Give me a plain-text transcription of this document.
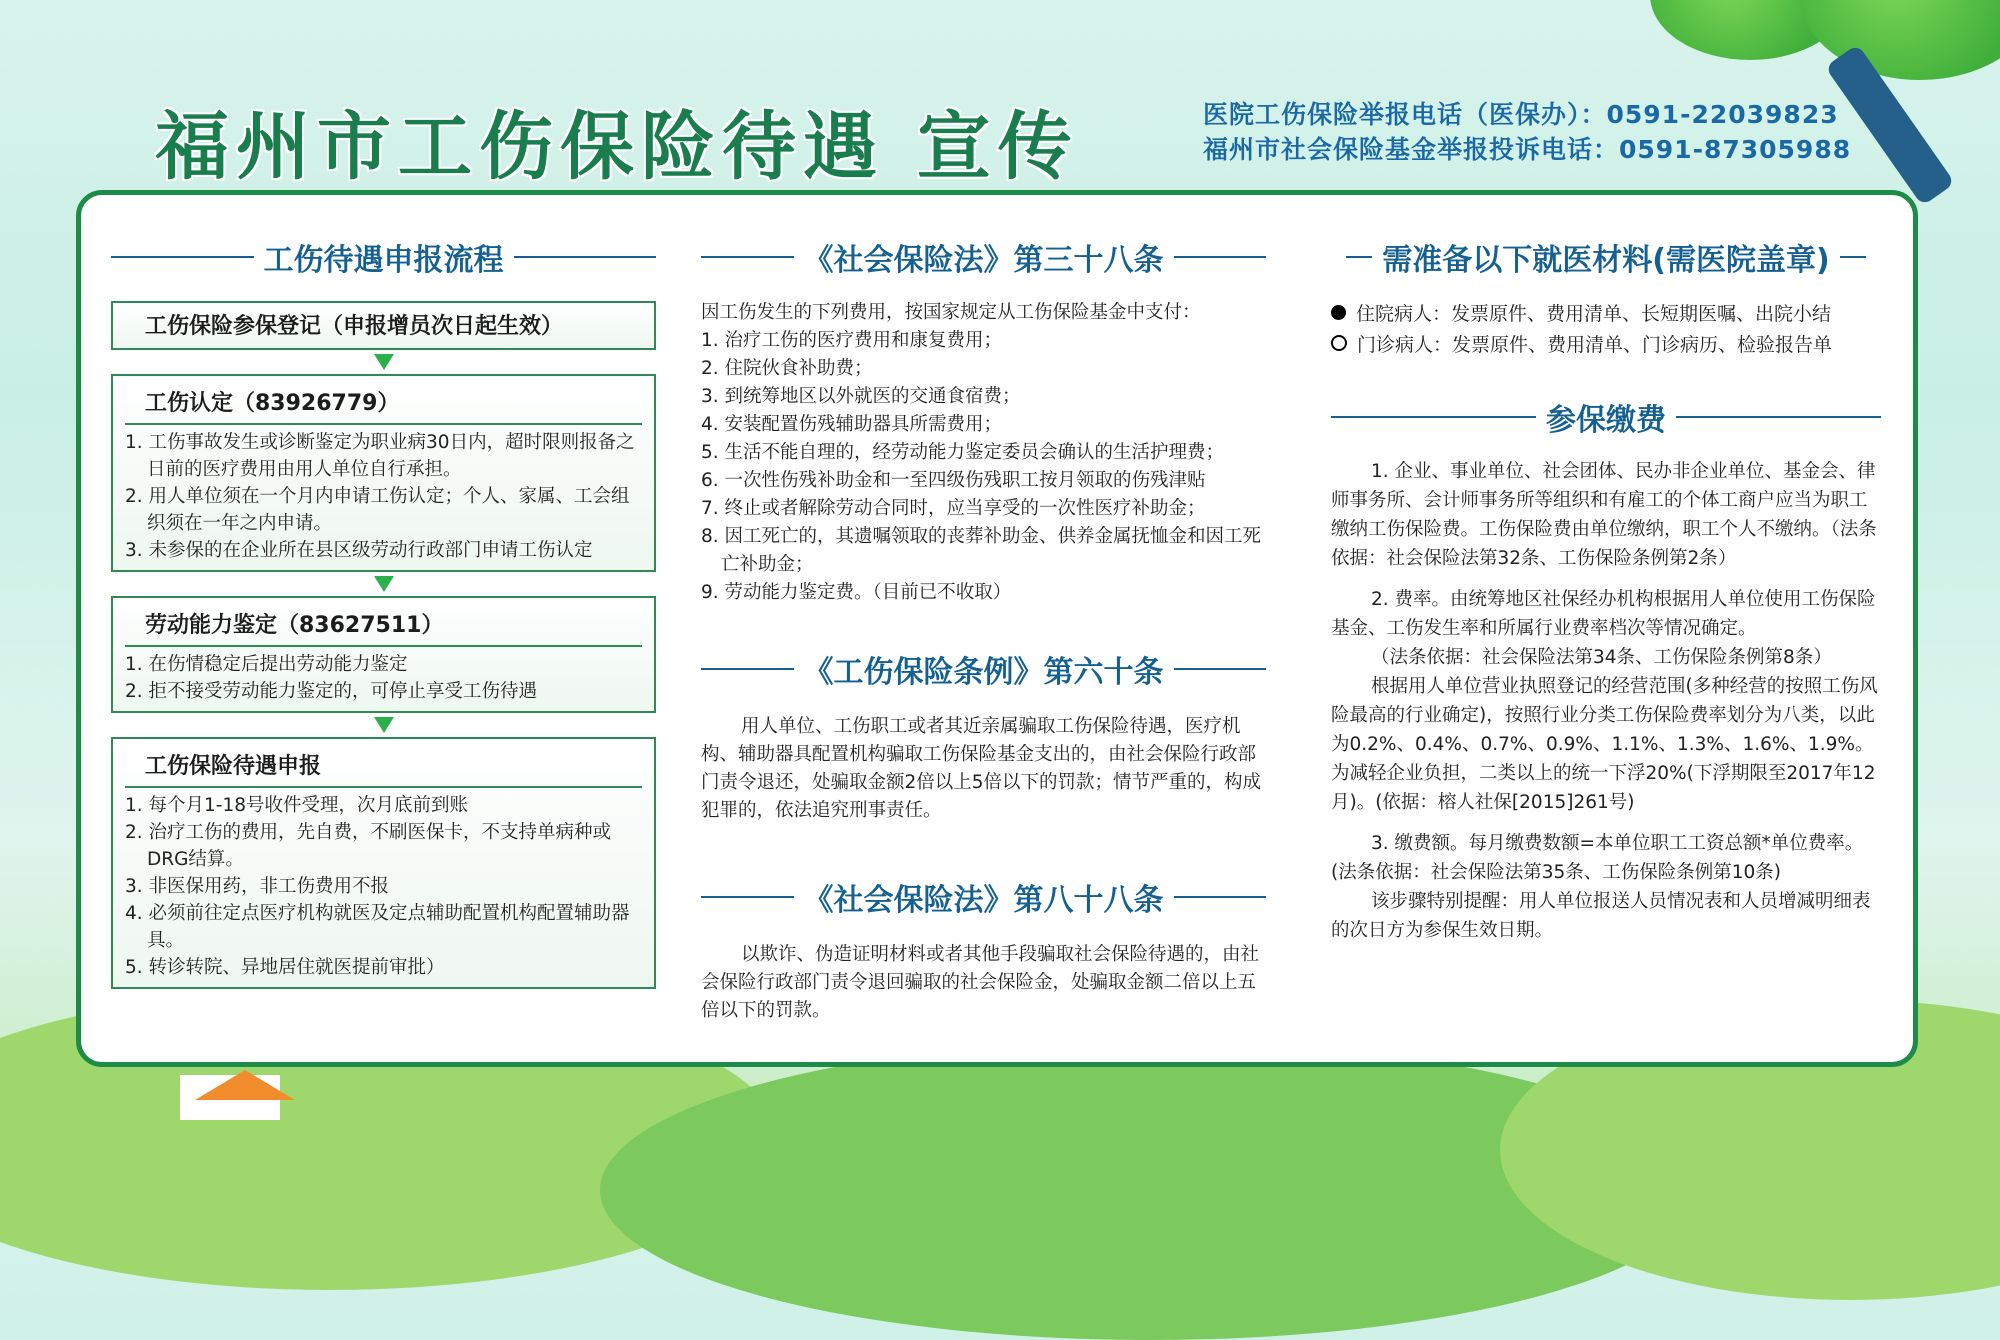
福州市工伤保险待遇 宣传	医院工伤保险举报电话（医保办）：0591-22039823
福州市社会保险基金举报投诉电话：0591-87305988
工伤待遇申报流程
工伤保险参保登记（申报增员次日起生效）
工伤认定（83926779）
1. 工伤事故发生或诊断鉴定为职业病30日内，超时限则报备之日前的医疗费用由用人单位自行承担。
2. 用人单位须在一个月内申请工伤认定；个人、家属、工会组织须在一年之内申请。
3. 未参保的在企业所在县区级劳动行政部门申请工伤认定
劳动能力鉴定（83627511）
1. 在伤情稳定后提出劳动能力鉴定
2. 拒不接受劳动能力鉴定的，可停止享受工伤待遇
工伤保险待遇申报
1. 每个月1-18号收件受理，次月底前到账
2. 治疗工伤的费用，先自费，不刷医保卡，不支持单病种或DRG结算。
3. 非医保用药，非工伤费用不报
4. 必须前往定点医疗机构就医及定点辅助配置机构配置辅助器具。
5. 转诊转院、异地居住就医提前审批）
《社会保险法》第三十八条
因工伤发生的下列费用，按国家规定从工伤保险基金中支付：
1. 治疗工伤的医疗费用和康复费用；
2. 住院伙食补助费；
3. 到统筹地区以外就医的交通食宿费；
4. 安装配置伤残辅助器具所需费用；
5. 生活不能自理的，经劳动能力鉴定委员会确认的生活护理费；
6. 一次性伤残补助金和一至四级伤残职工按月领取的伤残津贴
7. 终止或者解除劳动合同时，应当享受的一次性医疗补助金；
8. 因工死亡的，其遗嘱领取的丧葬补助金、供养金属抚恤金和因工死亡补助金；
9. 劳动能力鉴定费。（目前已不收取）
《工伤保险条例》第六十条
用人单位、工伤职工或者其近亲属骗取工伤保险待遇，医疗机构、辅助器具配置机构骗取工伤保险基金支出的，由社会保险行政部门责令退还，处骗取金额2倍以上5倍以下的罚款；情节严重的，构成犯罪的，依法追究刑事责任。
《社会保险法》第八十八条
以欺诈、伪造证明材料或者其他手段骗取社会保险待遇的，由社会保险行政部门责令退回骗取的社会保险金，处骗取金额二倍以上五倍以下的罚款。
需准备以下就医材料(需医院盖章)
住院病人：发票原件、费用清单、长短期医嘱、出院小结
门诊病人：发票原件、费用清单、门诊病历、检验报告单
参保缴费
1. 企业、事业单位、社会团体、民办非企业单位、基金会、律师事务所、会计师事务所等组织和有雇工的个体工商户应当为职工缴纳工伤保险费。工伤保险费由单位缴纳，职工个人不缴纳。（法条依据：社会保险法第32条、工伤保险条例第2条）
2. 费率。由统筹地区社保经办机构根据用人单位使用工伤保险基金、工伤发生率和所属行业费率档次等情况确定。
（法条依据：社会保险法第34条、工伤保险条例第8条）
根据用人单位营业执照登记的经营范围(多种经营的按照工伤风险最高的行业确定)，按照行业分类工伤保险费率划分为八类，以此为0.2%、0.4%、0.7%、0.9%、1.1%、1.3%、1.6%、1.9%。为减轻企业负担，二类以上的统一下浮20%(下浮期限至2017年12月)。(依据：榕人社保[2015]261号)
3. 缴费额。每月缴费数额=本单位职工工资总额*单位费率。(法条依据：社会保险法第35条、工伤保险条例第10条)
该步骤特别提醒：用人单位报送人员情况表和人员增减明细表的次日方为参保生效日期。
